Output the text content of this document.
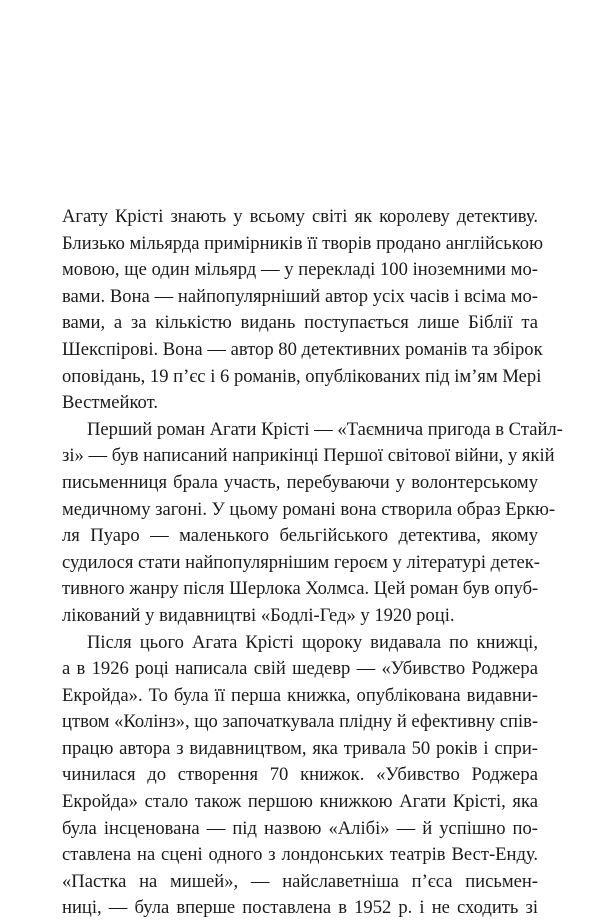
Агату Крісті знають у всьому світі як королеву детективу.
Близько мільярда примірників її творів продано англійською
мовою, ще один мільярд — у перекладі 100 іноземними мо-
вами. Вона — найпопулярніший автор усіх часів і всіма мо-
вами, а за кількістю видань поступається лише Біблії та
Шекспірові. Вона — автор 80 детективних романів та збірок
оповідань, 19 п’єс і 6 романів, опублікованих під ім’ям Мері
Вестмейкот.

Перший роман Агати Крісті — «Таємнича пригода в Стайл-
зі» — був написаний наприкінці Першої світової війни, у якій
письменниця брала участь, перебуваючи у волонтерському
медичному загоні. У цьому романі вона створила образ Еркю-
ля Пуаро — маленького бельгійського детектива, якому
судилося стати найпопулярнішим героєм у літературі детек-
тивного жанру після Шерлока Холмса. Цей роман був опуб-
лікований у видавництві «Бодлі-Гед» у 1920 році.

Після цього Агата Крісті щороку видавала по книжці,
а в 1926 році написала свій шедевр — «Убивство Роджера
Екройда». То була її перша книжка, опублікована видавни-
цтвом «Колінз», що започаткувала плідну й ефективну спів-
працю автора з видавництвом, яка тривала 50 років і спри-
чинилася до створення 70 книжок. «Убивство Роджера
Екройда» стало також першою книжкою Агати Крісті, яка
була інсценована — під назвою «Алібі» — й успішно по-
ставлена на сцені одного з лондонських театрів Вест-Енду.
«Пастка на мишей», — найславетніша п’єса письмен-
ниці, — була вперше поставлена в 1952 р. і не сходить зі
